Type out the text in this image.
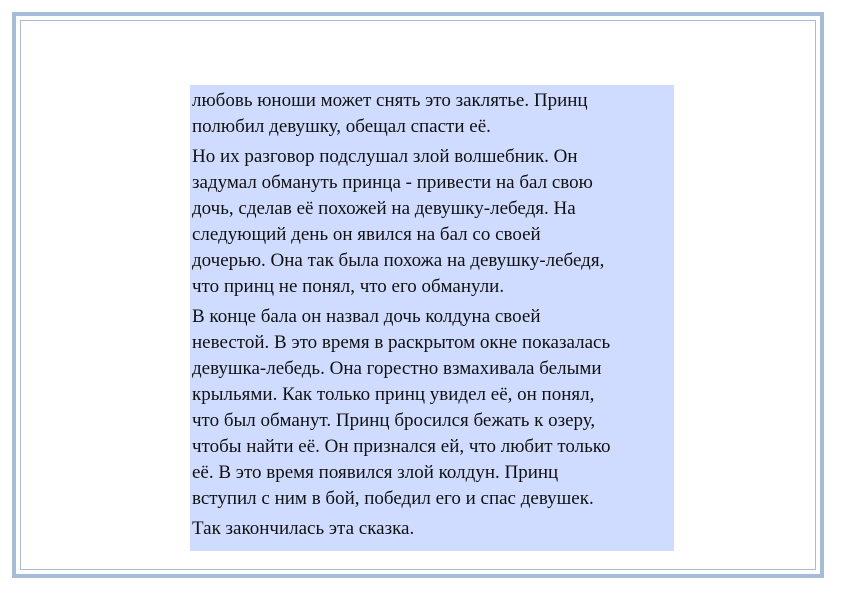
любовь юноши может снять это заклятье. Принц
полюбил девушку, обещал спасти её.
Но их разговор подслушал злой волшебник. Он
задумал обмануть принца - привести на бал свою
дочь, сделав её похожей на девушку-лебедя. На
следующий день он явился на бал со своей
дочерью. Она так была похожа на девушку-лебедя,
что принц не понял, что его обманули.
В конце бала он назвал дочь колдуна своей
невестой. В это время в раскрытом окне показалась
девушка-лебедь. Она горестно взмахивала белыми
крыльями. Как только принц увидел её, он понял,
что был обманут. Принц бросился бежать к озеру,
чтобы найти её. Он признался ей, что любит только
её. В это время появился злой колдун. Принц
вступил с ним в бой, победил его и спас девушек.
Так закончилась эта сказка.
